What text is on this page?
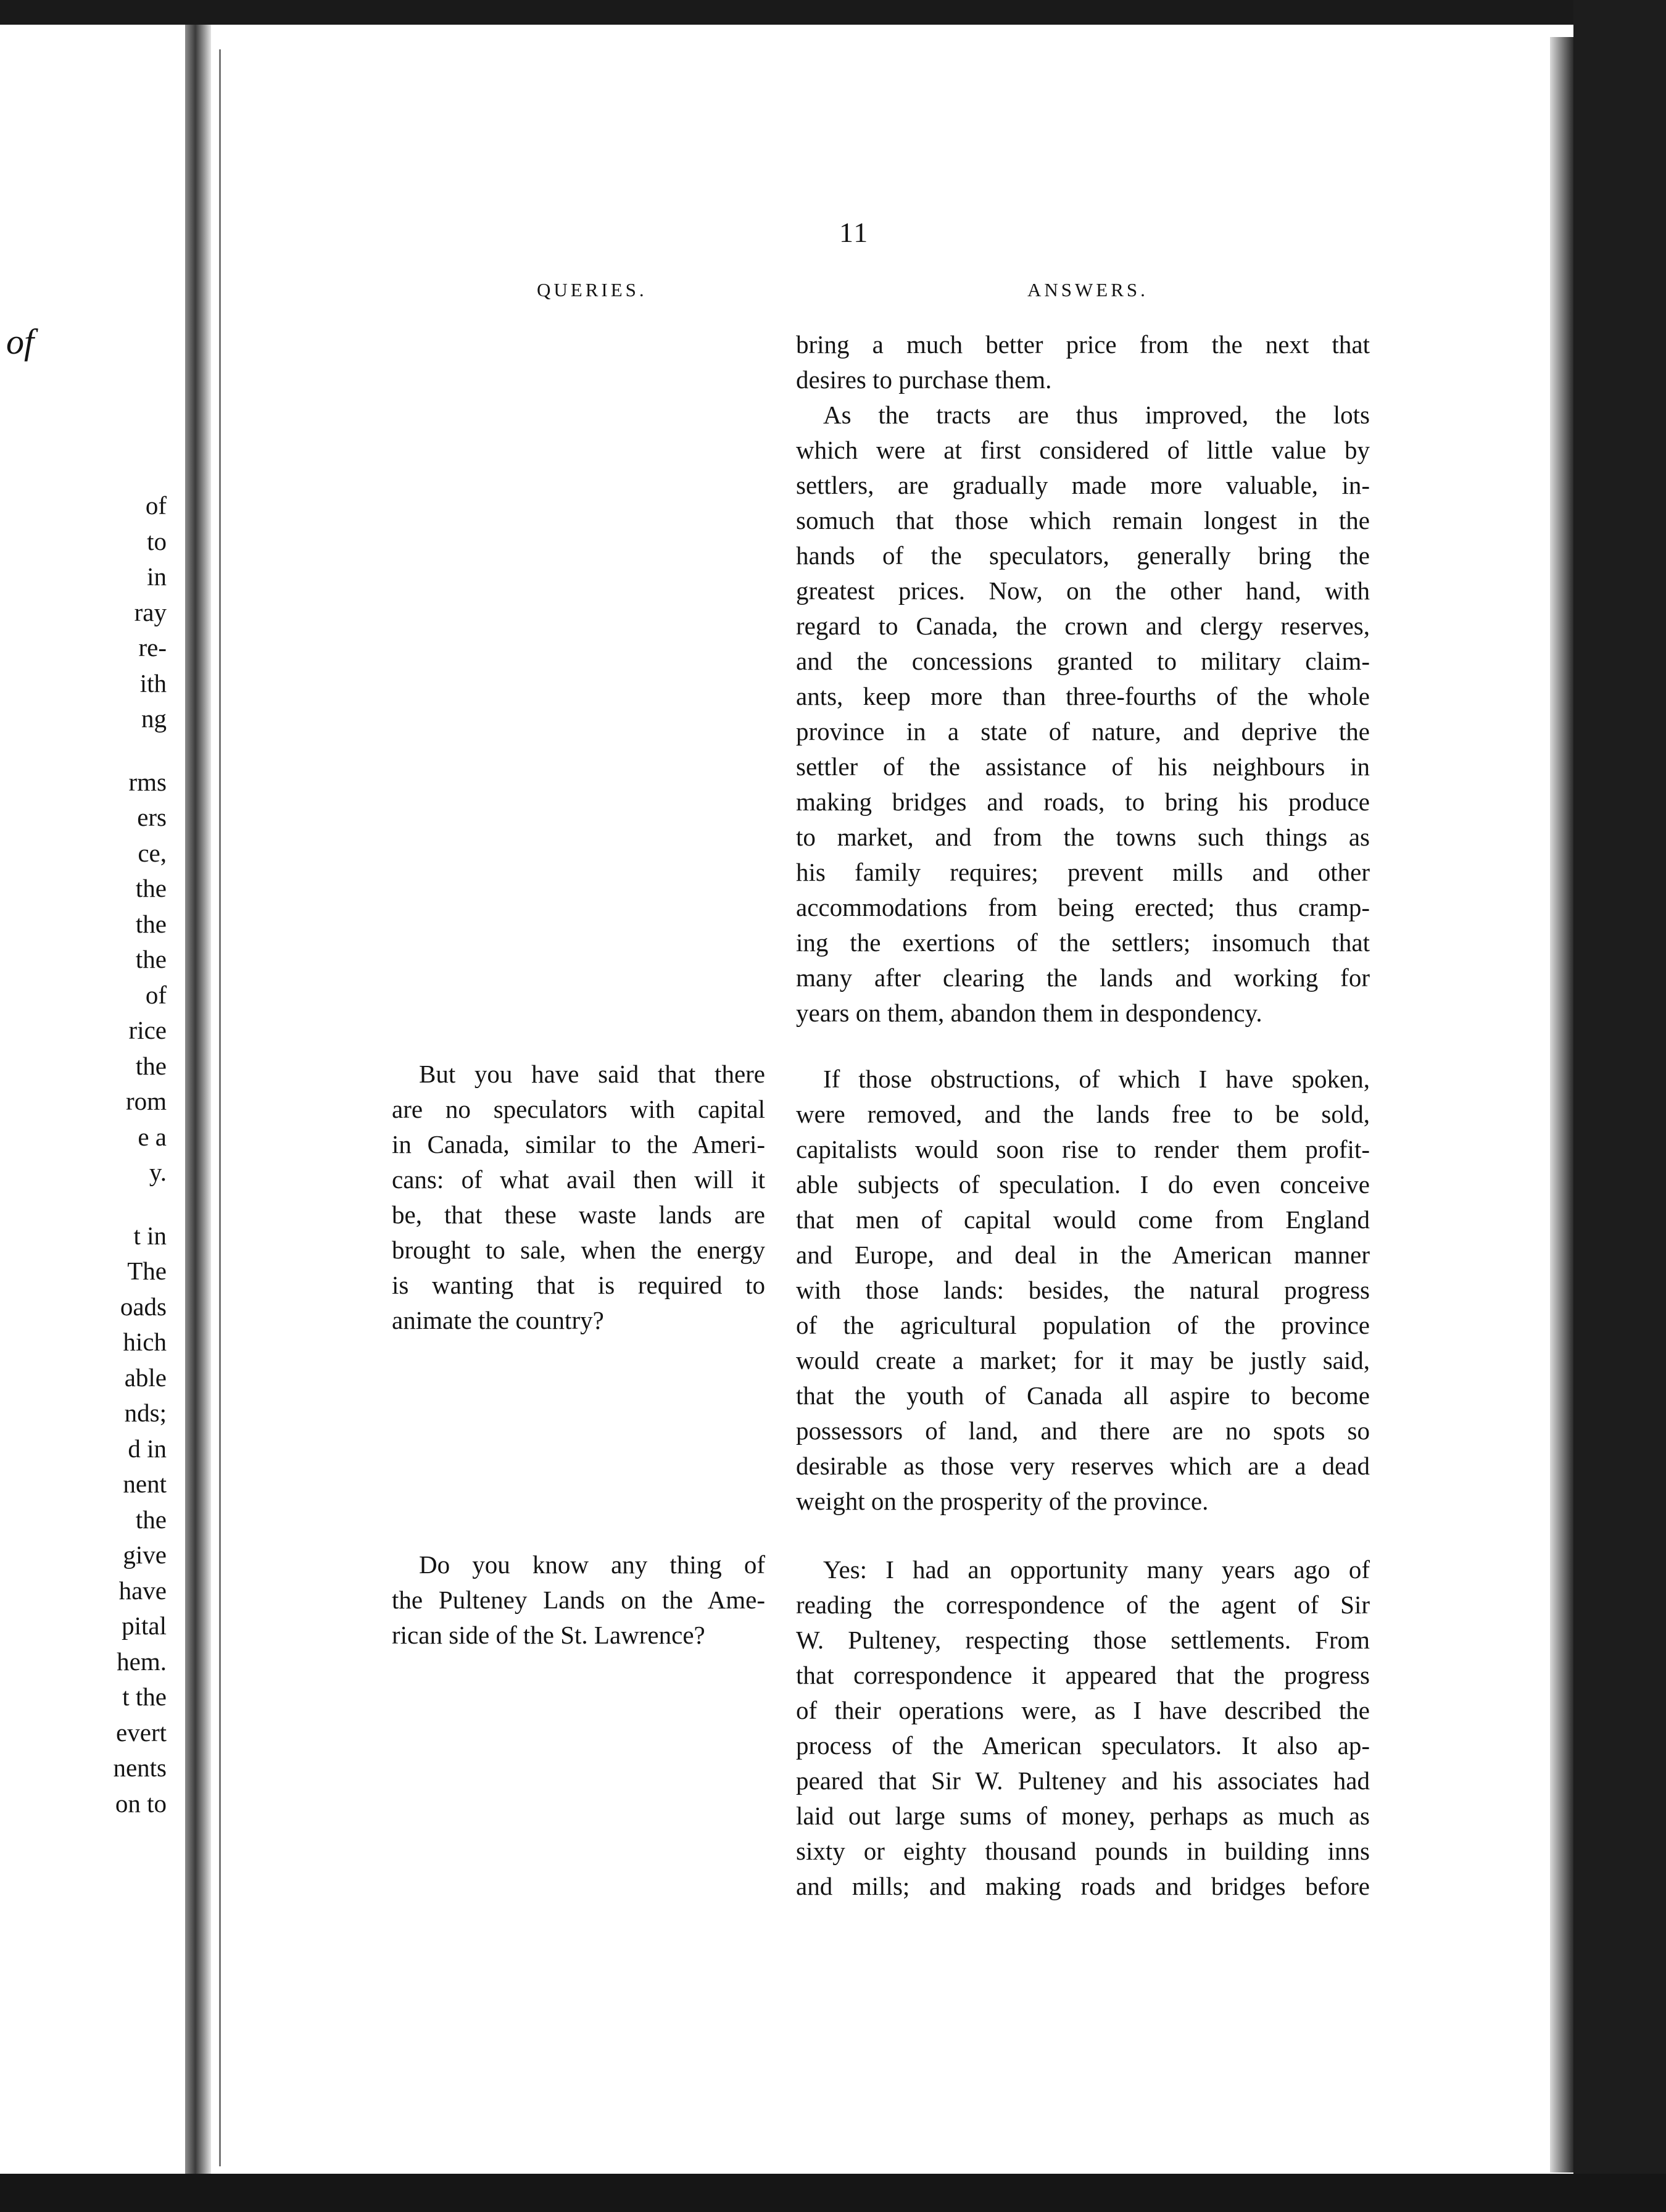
of
of
to
in
ray
re-
ith
ng
rms
ers
ce,
the
the
the
of
rice
the
rom
e a
y.
t in
The
oads
hich
able
nds;
d in
nent
the
give
have
pital
hem.
t the
evert
nents
on to
11
QUERIES.	ANSWERS.
bring a much better price from the next that
desires to purchase them.
As the tracts are thus improved, the lots
which were at first considered of little value by
settlers, are gradually made more valuable, in-
somuch that those which remain longest in the
hands of the speculators, generally bring the
greatest prices. Now, on the other hand, with
regard to Canada, the crown and clergy reserves,
and the concessions granted to military claim-
ants, keep more than three-fourths of the whole
province in a state of nature, and deprive the
settler of the assistance of his neighbours in
making bridges and roads, to bring his produce
to market, and from the towns such things as
his family requires; prevent mills and other
accommodations from being erected; thus cramp-
ing the exertions of the settlers; insomuch that
many after clearing the lands and working for
years on them, abandon them in despondency.
But you have said that there
are no speculators with capital
in Canada, similar to the Ameri-
cans: of what avail then will it
be, that these waste lands are
brought to sale, when the energy
is wanting that is required to
animate the country?
If those obstructions, of which I have spoken,
were removed, and the lands free to be sold,
capitalists would soon rise to render them profit-
able subjects of speculation. I do even conceive
that men of capital would come from England
and Europe, and deal in the American manner
with those lands: besides, the natural progress
of the agricultural population of the province
would create a market; for it may be justly said,
that the youth of Canada all aspire to become
possessors of land, and there are no spots so
desirable as those very reserves which are a dead
weight on the prosperity of the province.
Do you know any thing of
the Pulteney Lands on the Ame-
rican side of the St. Lawrence?
Yes: I had an opportunity many years ago of
reading the correspondence of the agent of Sir
W. Pulteney, respecting those settlements. From
that correspondence it appeared that the progress
of their operations were, as I have described the
process of the American speculators. It also ap-
peared that Sir W. Pulteney and his associates had
laid out large sums of money, perhaps as much as
sixty or eighty thousand pounds in building inns
and mills; and making roads and bridges before
